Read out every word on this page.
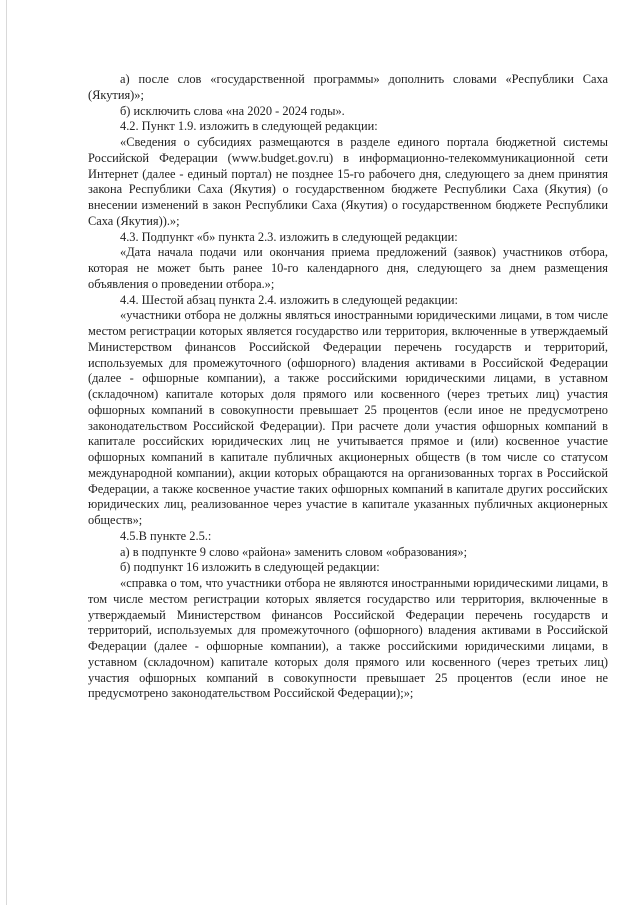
а) после слов «государственной программы» дополнить словами «Республики Саха (Якутия)»;

б) исключить слова «на 2020 - 2024 годы».

4.2. Пункт 1.9. изложить в следующей редакции:

«Сведения о субсидиях размещаются в разделе единого портала бюджетной системы Российской Федерации (www.budget.gov.ru) в информационно-телекоммуникационной сети Интернет (далее - единый портал) не позднее 15-го рабочего дня, следующего за днем принятия закона Республики Саха (Якутия) о государственном бюджете Республики Саха (Якутия) (о внесении изменений в закон Республики Саха (Якутия) о государственном бюджете Республики Саха (Якутия)).»;

4.3. Подпункт «б» пункта 2.3. изложить в следующей редакции:

«Дата начала подачи или окончания приема предложений (заявок) участников отбора, которая не может быть ранее 10-го календарного дня, следующего за днем размещения объявления о проведении отбора.»;

4.4. Шестой абзац пункта 2.4. изложить в следующей редакции:

«участники отбора не должны являться иностранными юридическими лицами, в том числе местом регистрации которых является государство или территория, включенные в утверждаемый Министерством финансов Российской Федерации перечень государств и территорий, используемых для промежуточного (офшорного) владения активами в Российской Федерации (далее - офшорные компании), а также российскими юридическими лицами, в уставном (складочном) капитале которых доля прямого или косвенного (через третьих лиц) участия офшорных компаний в совокупности превышает 25 процентов (если иное не предусмотрено законодательством Российской Федерации). При расчете доли участия офшорных компаний в капитале российских юридических лиц не учитывается прямое и (или) косвенное участие офшорных компаний в капитале публичных акционерных обществ (в том числе со статусом международной компании), акции которых обращаются на организованных торгах в Российской Федерации, а также косвенное участие таких офшорных компаний в капитале других российских юридических лиц, реализованное через участие в капитале указанных публичных акционерных обществ»;

4.5.В пункте 2.5.:

а) в подпункте 9 слово «района» заменить словом «образования»;

б) подпункт 16 изложить в следующей редакции:

«справка о том, что участники отбора не являются иностранными юридическими лицами, в том числе местом регистрации которых является государство или территория, включенные в утверждаемый Министерством финансов Российской Федерации перечень государств и территорий, используемых для промежуточного (офшорного) владения активами в Российской Федерации (далее - офшорные компании), а также российскими юридическими лицами, в уставном (складочном) капитале которых доля прямого или косвенного (через третьих лиц) участия офшорных компаний в совокупности превышает 25 процентов (если иное не предусмотрено законодательством Российской Федерации);»;
